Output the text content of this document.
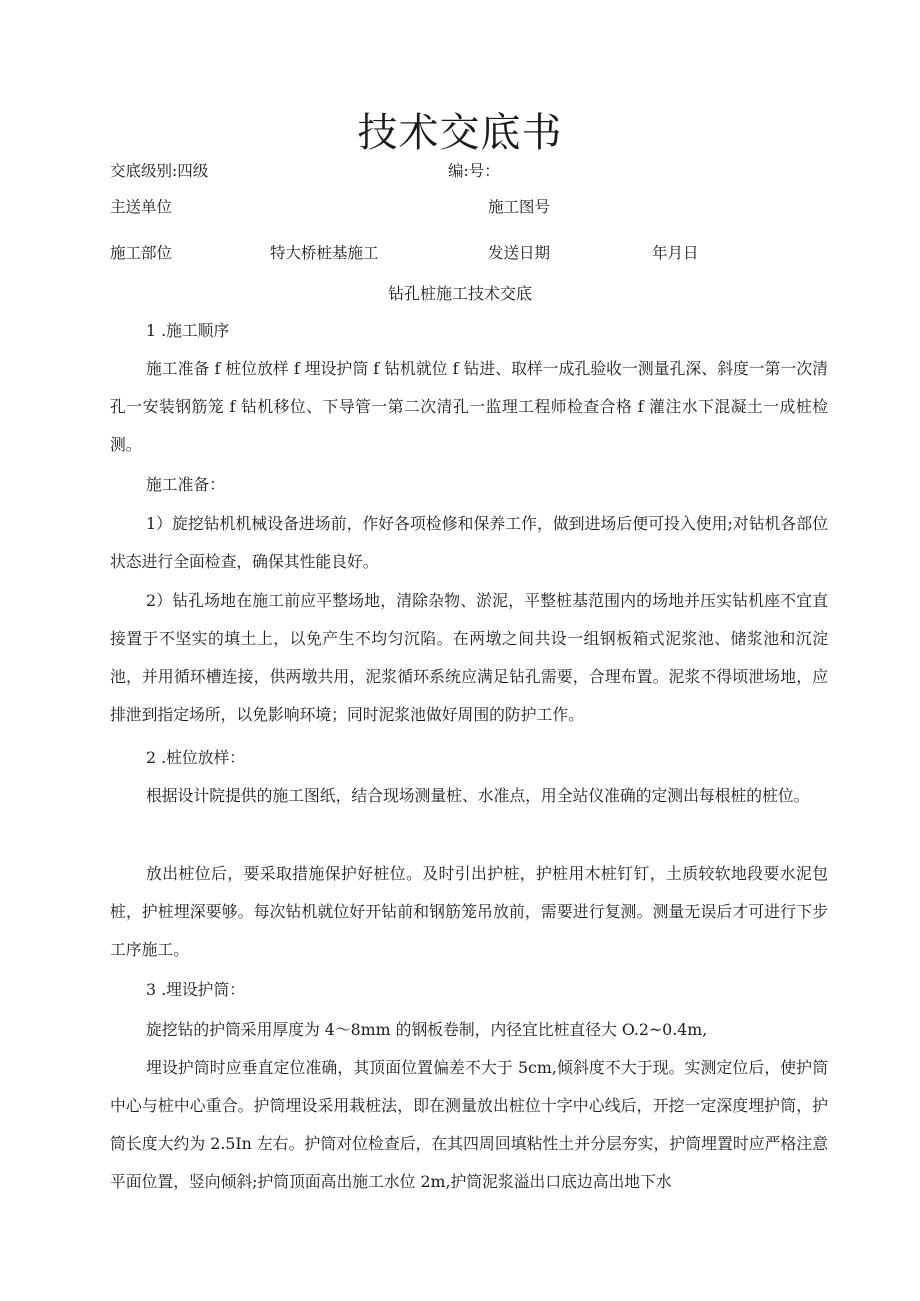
技术交底书
交底级别:四级	编:号：
主送单位	施工图号
施工部位	特大桥桩基施工	发送日期	年月日
钻孔桩施工技术交底

1 .施工顺序

施工准备 f 桩位放样 f 埋设护筒 f 钻机就位 f 钻进、取样一成孔验收一测量孔深、斜度一第一次清孔一安装钢筋笼 f 钻机移位、下导管一第二次清孔一监理工程师检查合格 f 灌注水下混凝土一成桩检测。

施工准备：

1）旋挖钻机机械设备进场前，作好各项检修和保养工作，做到进场后便可投入使用;对钻机各部位状态进行全面检查，确保其性能良好。

2）钻孔场地在施工前应平整场地，清除杂物、淤泥，平整桩基范围内的场地并压实钻机座不宜直接置于不坚实的填土上，以免产生不均匀沉陷。在两墩之间共设一组钢板箱式泥浆池、储浆池和沉淀池，并用循环槽连接，供两墩共用，泥浆循环系统应满足钻孔需要，合理布置。泥浆不得顷泄场地，应排泄到指定场所，以免影响环境；同时泥浆池做好周围的防护工作。

2 .桩位放样：

根据设计院提供的施工图纸，结合现场测量桩、水准点，用全站仪准确的定测出每根桩的桩位。

放出桩位后，要采取措施保护好桩位。及时引出护桩，护桩用木桩钉钉，土质较软地段要水泥包桩，护桩埋深要够。每次钻机就位好开钻前和钢筋笼吊放前，需要进行复测。测量无误后才可进行下步工序施工。

3 .埋设护筒：

旋挖钻的护筒采用厚度为 4～8mm 的钢板卷制，内径宜比桩直径大 O.2~0.4m,

埋设护筒时应垂直定位准确，其顶面位置偏差不大于 5cm,倾斜度不大于现。实测定位后，使护筒中心与桩中心重合。护筒埋设采用栽桩法，即在测量放出桩位十字中心线后，开挖一定深度埋护筒，护筒长度大约为 2.5In 左右。护筒对位检查后，在其四周回填粘性土并分层夯实，护筒埋置时应严格注意平面位置，竖向倾斜;护筒顶面高出施工水位 2m,护筒泥浆溢出口底边高出地下水
